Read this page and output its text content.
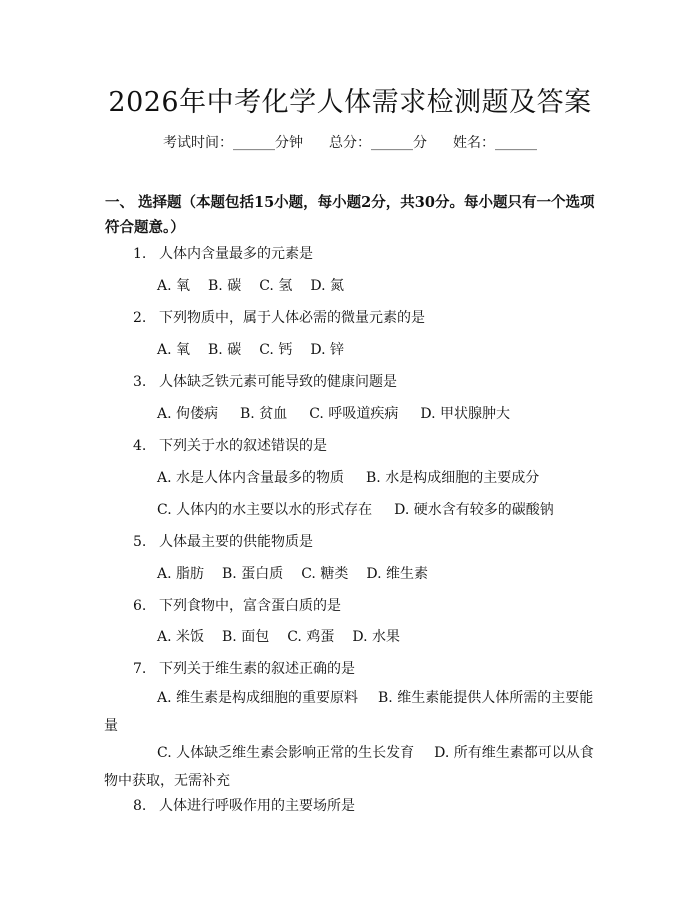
2026年中考化学人体需求检测题及答案
考试时间：______分钟 总分：______分 姓名：______
一、 选择题（本题包括15小题，每小题2分，共30分。每小题只有一个选项符合题意。）
1. 人体内含量最多的元素是
A. 氧 B. 碳 C. 氢 D. 氮
2. 下列物质中，属于人体必需的微量元素的是
A. 氧 B. 碳 C. 钙 D. 锌
3. 人体缺乏铁元素可能导致的健康问题是
A. 佝偻病 B. 贫血 C. 呼吸道疾病 D. 甲状腺肿大
4. 下列关于水的叙述错误的是
A. 水是人体内含量最多的物质 B. 水是构成细胞的主要成分
C. 人体内的水主要以水的形式存在 D. 硬水含有较多的碳酸钠
5. 人体最主要的供能物质是
A. 脂肪 B. 蛋白质 C. 糖类 D. 维生素
6. 下列食物中，富含蛋白质的是
A. 米饭 B. 面包 C. 鸡蛋 D. 水果
7. 下列关于维生素的叙述正确的是
A. 维生素是构成细胞的重要原料 B. 维生素能提供人体所需的主要能量
C. 人体缺乏维生素会影响正常的生长发育 D. 所有维生素都可以从食物中获取，无需补充
8. 人体进行呼吸作用的主要场所是
